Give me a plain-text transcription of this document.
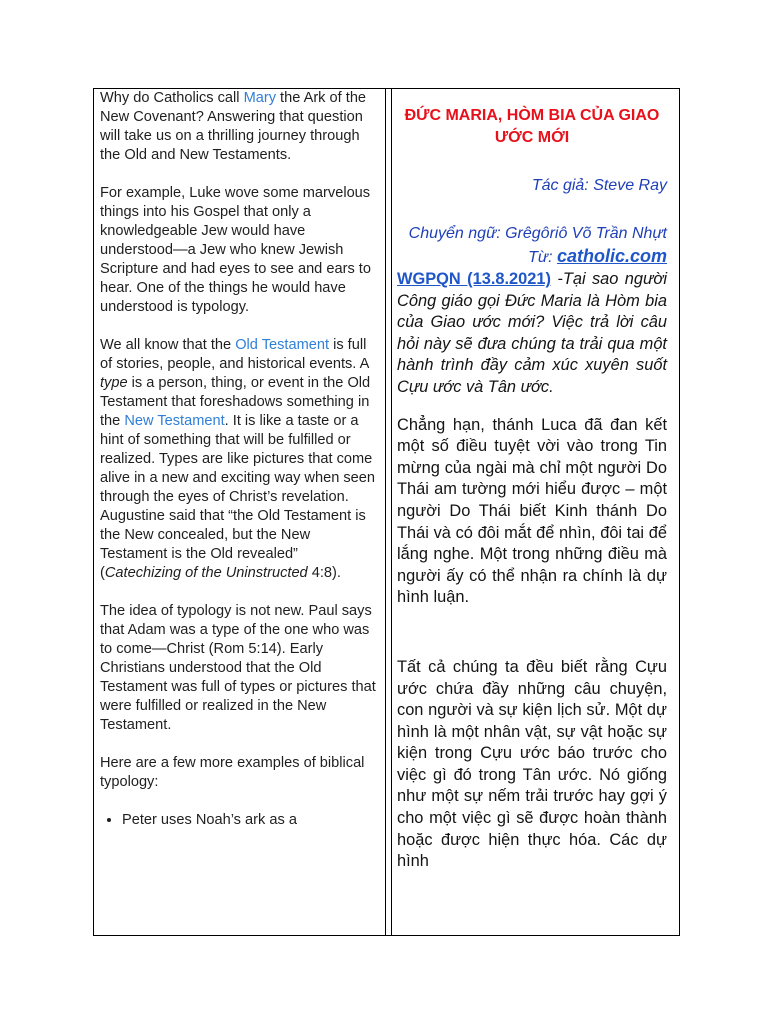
Why do Catholics call Mary the Ark of the New Covenant? Answering that question will take us on a thrilling journey through the Old and New Testaments.

For example, Luke wove some marvelous things into his Gospel that only a knowledgeable Jew would have understood—a Jew who knew Jewish Scripture and had eyes to see and ears to hear. One of the things he would have understood is typology.

We all know that the Old Testament is full of stories, people, and historical events. A type is a person, thing, or event in the Old Testament that foreshadows something in the New Testament. It is like a taste or a hint of something that will be fulfilled or realized. Types are like pictures that come alive in a new and exciting way when seen through the eyes of Christ’s revelation. Augustine said that “the Old Testament is the New concealed, but the New Testament is the Old revealed” (Catechizing of the Uninstructed 4:8).

The idea of typology is not new. Paul says that Adam was a type of the one who was to come—Christ (Rom 5:14). Early Christians understood that the Old Testament was full of types or pictures that were fulfilled or realized in the New Testament.

Here are a few more examples of biblical typology:

• Peter uses Noah’s ark as a
ĐỨC MARIA, HÒM BIA CỦA GIAO ƯỚC MỚI
Tác giả: Steve Ray
Chuyển ngữ: Grêgôriô Võ Trần Nhựt
Từ: catholic.com

WGPQN (13.8.2021) -Tại sao người Công giáo gọi Đức Maria là Hòm bia của Giao ước mới? Việc trả lời câu hỏi này sẽ đưa chúng ta trải qua một hành trình đầy cảm xúc xuyên suốt Cựu ước và Tân ước.

Chẳng hạn, thánh Luca đã đan kết một số điều tuyệt vời vào trong Tin mừng của ngài mà chỉ một người Do Thái am tường mới hiểu được – một người Do Thái biết Kinh thánh Do Thái và có đôi mắt để nhìn, đôi tai để lắng nghe. Một trong những điều mà người ấy có thể nhận ra chính là dự hình luận.

Tất cả chúng ta đều biết rằng Cựu ước chứa đầy những câu chuyện, con người và sự kiện lịch sử. Một dự hình là một nhân vật, sự vật hoặc sự kiện trong Cựu ước báo trước cho việc gì đó trong Tân ước. Nó giống như một sự nếm trải trước hay gợi ý cho một việc gì sẽ được hoàn thành hoặc được hiện thực hóa. Các dự hình
